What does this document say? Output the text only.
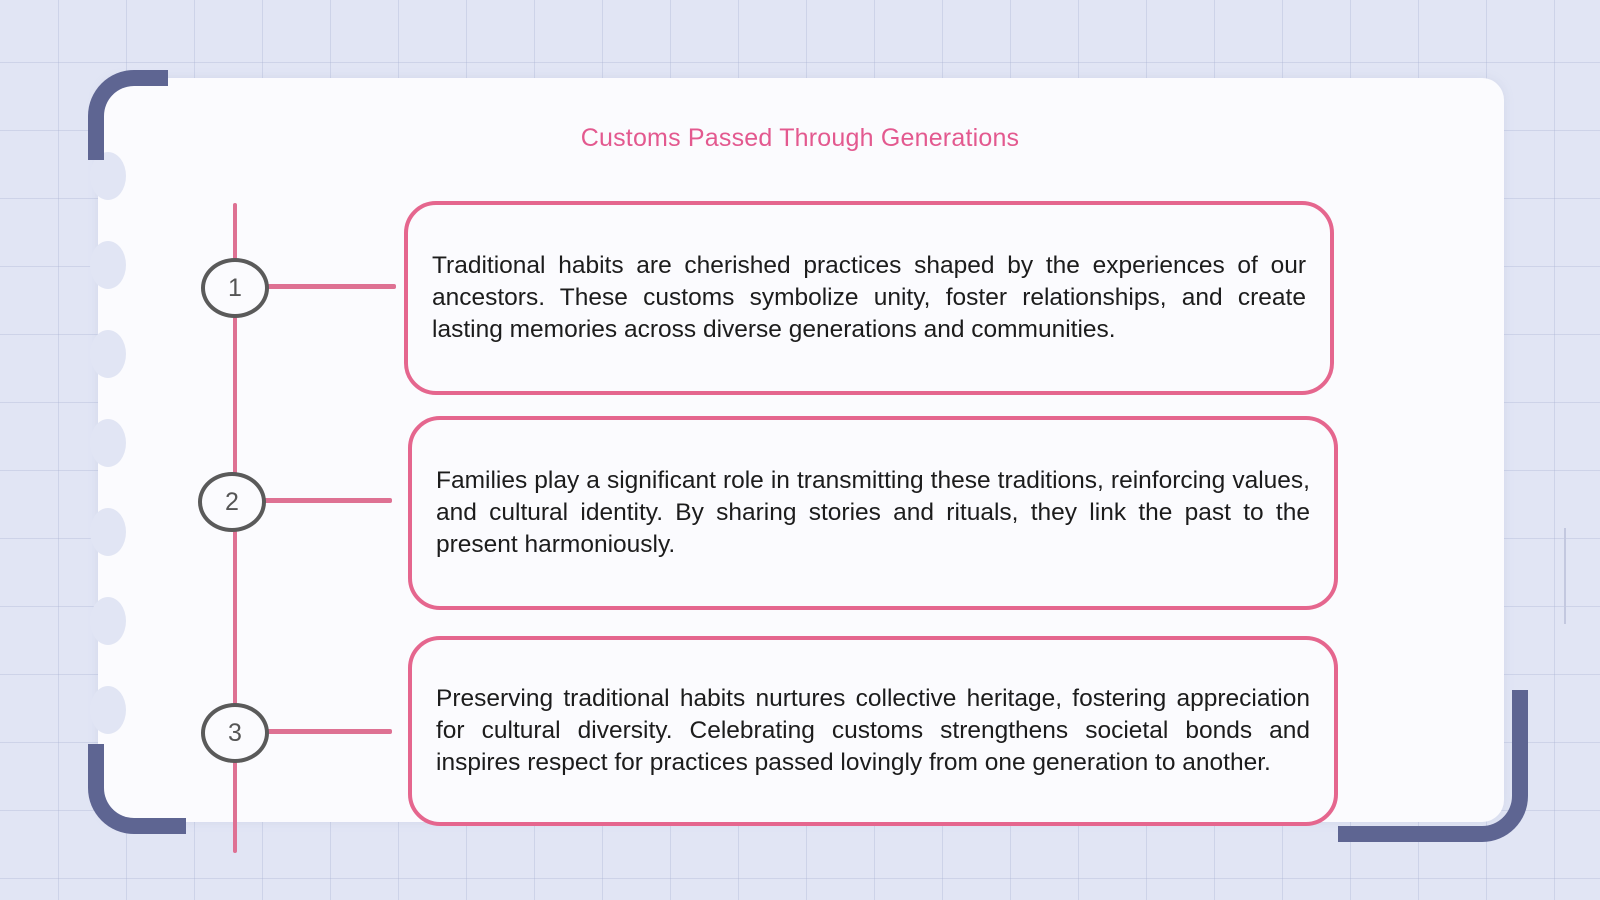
Customs Passed Through Generations
1

Traditional habits are cherished practices shaped by the experiences of our ancestors. These customs symbolize unity, foster relationships, and create lasting memories across diverse generations and communities.

2

Families play a significant role in transmitting these traditions, reinforcing values, and cultural identity. By sharing stories and rituals, they link the past to the present harmoniously.

3

Preserving traditional habits nurtures collective heritage, fostering appreciation for cultural diversity. Celebrating customs strengthens societal bonds and inspires respect for practices passed lovingly from one generation to another.
